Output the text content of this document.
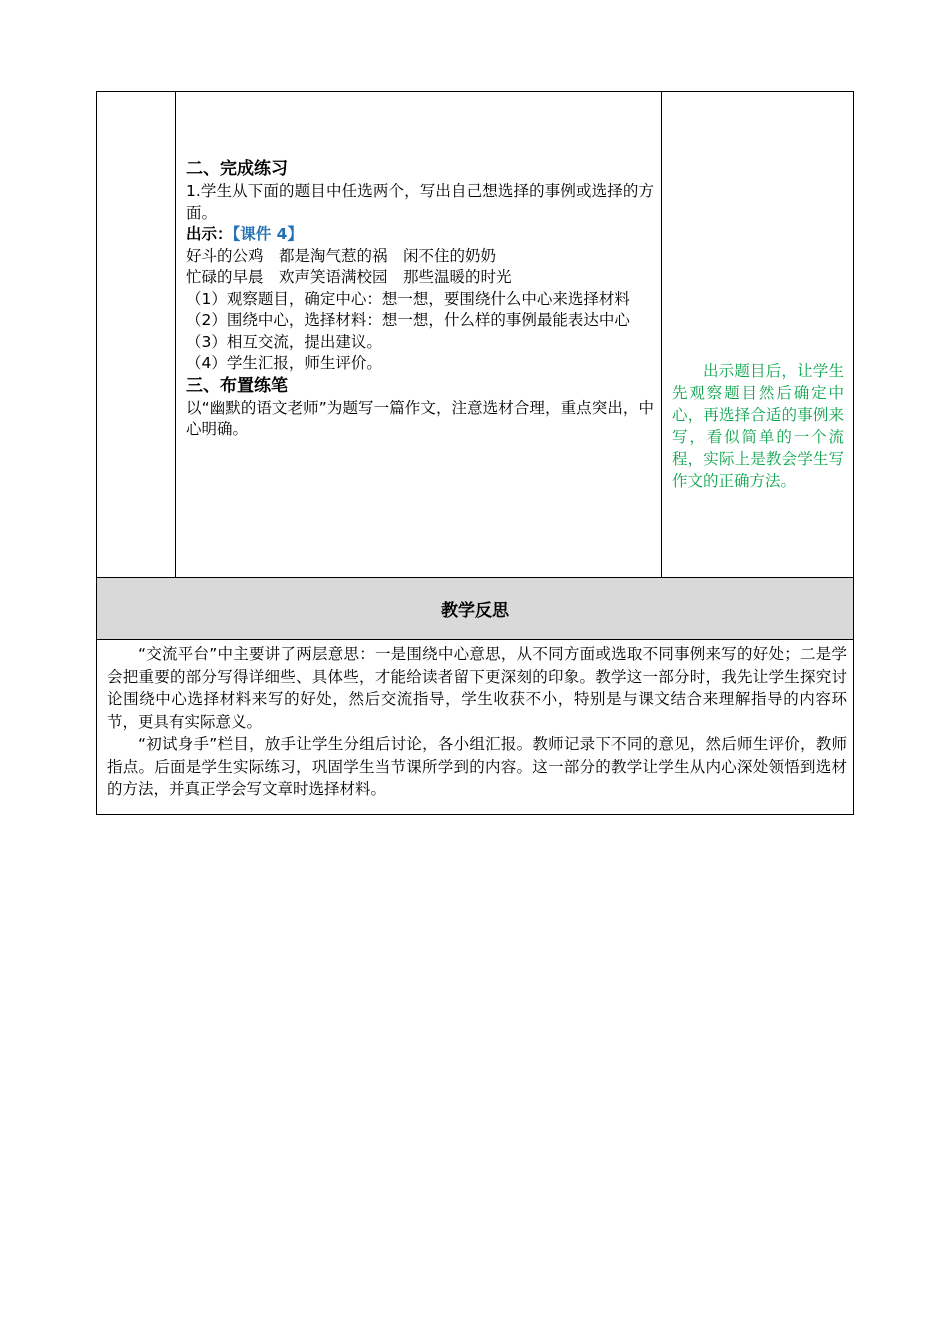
二、完成练习
1.学生从下面的题目中任选两个，写出自己想选择的事例或选择的方面。
出示：【课件 4】
好斗的公鸡　都是淘气惹的祸　闲不住的奶奶
忙碌的早晨　欢声笑语满校园　那些温暖的时光
（1）观察题目，确定中心：想一想，要围绕什么中心来选择材料
（2）围绕中心，选择材料：想一想，什么样的事例最能表达中心
（3）相互交流，提出建议。
（4）学生汇报，师生评价。
三、布置练笔
以“幽默的语文老师”为题写一篇作文，注意选材合理，重点突出，中心明确。
出示题目后，让学生先观察题目然后确定中心，再选择合适的事例来写，看似简单的一个流程，实际上是教会学生写作文的正确方法。
教学反思

“交流平台”中主要讲了两层意思：一是围绕中心意思，从不同方面或选取不同事例来写的好处；二是学会把重要的部分写得详细些、具体些，才能给读者留下更深刻的印象。教学这一部分时，我先让学生探究讨论围绕中心选择材料来写的好处，然后交流指导，学生收获不小，特别是与课文结合来理解指导的内容环节，更具有实际意义。

“初试身手”栏目，放手让学生分组后讨论，各小组汇报。教师记录下不同的意见，然后师生评价，教师指点。后面是学生实际练习，巩固学生当节课所学到的内容。这一部分的教学让学生从内心深处领悟到选材的方法，并真正学会写文章时选择材料。
